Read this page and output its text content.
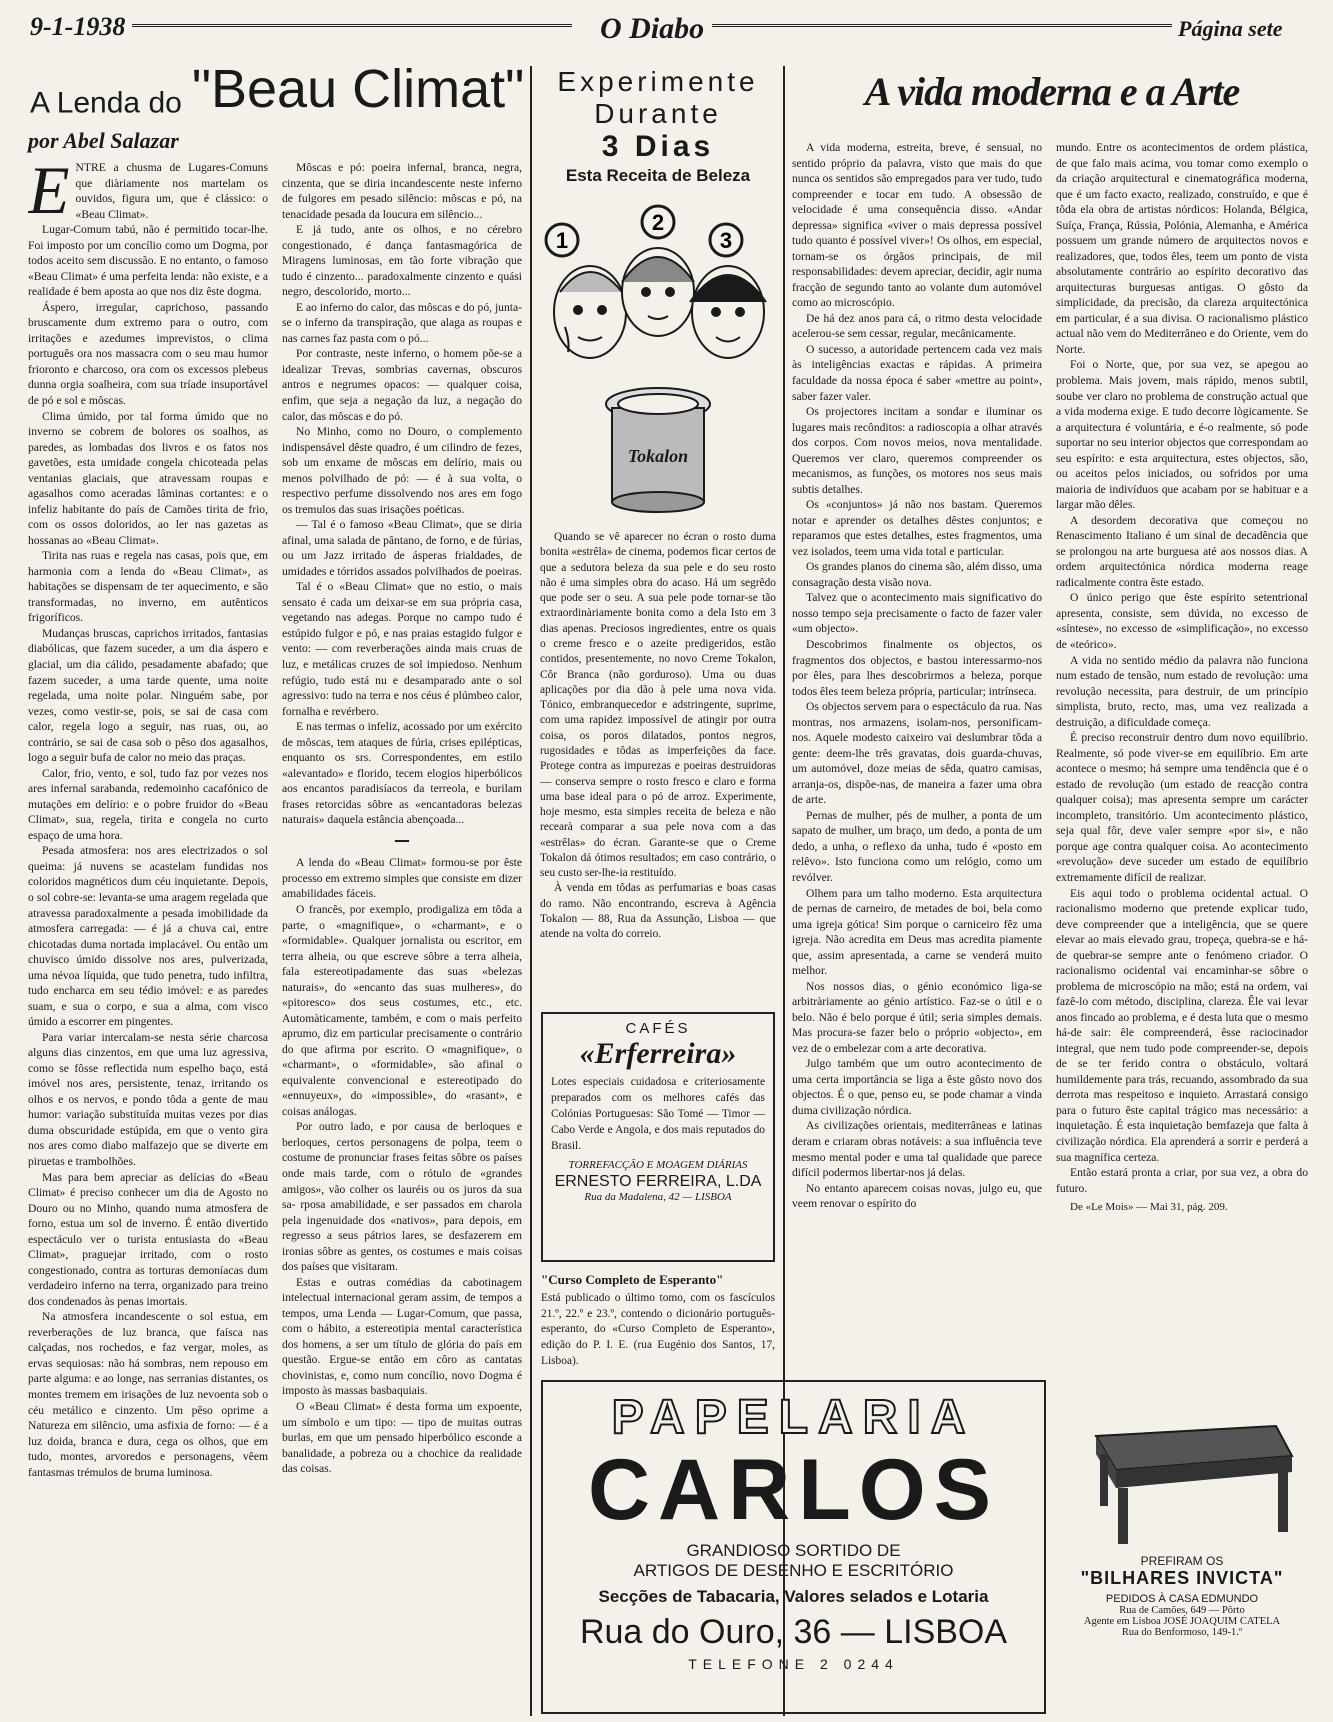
9-1-1938	O Diabo	Página sete
A Lenda do "Beau Climat"
por Abel Salazar
E NTRE a chusma de Lugares-Comuns que diàriamente nos martelam os ouvidos, figura um, que é clássico: o «Beau Climat».

Lugar-Comum tabú, não é permitido tocar-lhe. Foi imposto por um concílio como um Dogma, por todos aceito sem discussão. E no entanto, o famoso «Beau Climat» é uma perfeita lenda: não existe, e a realidade é bem aposta ao que nos diz êste dogma.

Áspero, irregular, caprichoso, passando bruscamente dum extremo para o outro, com irritações e azedumes imprevistos, o clima português ora nos massacra com o seu mau humor frioronto e charcoso, ora com os excessos plebeus dunna orgia soalheira, com sua tríade insuportável de pó e sol e môscas.

Clima úmido, por tal forma úmido que no inverno se cobrem de bolores os soalhos, as paredes, as lombadas dos livros e os fatos nos gavetões, esta umidade congela chicoteada pelas ventanias glaciais, que atravessam roupas e agasalhos como aceradas lâminas cortantes: e o infeliz habitante do país de Camões tirita de frio, com os ossos doloridos, ao ler nas gazetas as hossanas ao «Beau Climat».

Tirita nas ruas e regela nas casas, pois que, em harmonia com a lenda do «Beau Climat», as habitações se dispensam de ter aquecimento, e são transformadas, no inverno, em autênticos frigoríficos.

Mudanças bruscas, caprichos irritados, fantasias diabólicas, que fazem suceder, a um dia áspero e glacial, um dia cálido, pesadamente abafado; que fazem suceder, a uma tarde quente, uma noite regelada, uma noite polar. Ninguém sabe, por vezes, como vestir-se, pois, se sai de casa com calor, regela logo a seguir, nas ruas, ou, ao contrário, se sai de casa sob o pêso dos agasalhos, logo a seguir bufa de calor no meio das praças.

Calor, frio, vento, e sol, tudo faz por vezes nos ares infernal sarabanda, redemoinho cacafónico de mutações em delírio: e o pobre fruidor do «Beau Climat», sua, regela, tirita e congela no curto espaço de uma hora.

Pesada atmosfera: nos ares electrizados o sol queima: já nuvens se acastelam fundidas nos coloridos magnéticos dum céu inquietante. Depois, o sol cobre-se: levanta-se uma aragem regelada que atravessa paradoxalmente a pesada imobilidade da atmosfera carregada: — é já a chuva cai, entre chicotadas duma nortada implacável. Ou então um chuvisco úmido dissolve nos ares, pulverizada, uma névoa líquida, que tudo penetra, tudo infiltra, tudo encharca em seu tédio imóvel: e as paredes suam, e sua o corpo, e sua a alma, com visco úmido a escorrer em pingentes.

Para variar intercalam-se nesta série charcosa alguns dias cinzentos, em que uma luz agressiva, como se fôsse reflectida num espelho baço, está imóvel nos ares, persistente, tenaz, irritando os olhos e os nervos, e pondo tôda a gente de mau humor: variação substituída muitas vezes por dias duma obscuridade estúpida, em que o vento gira nos ares como diabo malfazejo que se diverte em piruetas e trambolhões.

Mas para bem apreciar as delícias do «Beau Climat» é preciso conhecer um dia de Agosto no Douro ou no Minho, quando numa atmosfera de forno, estua um sol de inverno. É então divertido espectáculo ver o turista entusiasta do «Beau Climat», praguejar irritado, com o rosto congestionado, contra as torturas demoníacas dum verdadeiro inferno na terra, organizado para treino dos condenados às penas imortais.

Na atmosfera incandescente o sol estua, em reverberações de luz branca, que faísca nas calçadas, nos rochedos, e faz vergar, moles, as ervas sequiosas: não há sombras, nem repouso em parte alguma: e ao longe, nas serranias distantes, os montes tremem em irisações de luz nevoenta sob o céu metálico e cinzento. Um pêso oprime a Natureza em silêncio, uma asfixia de forno: — é a luz doida, branca e dura, cega os olhos, que em tudo, montes, arvoredos e personagens, vêem fantasmas trémulos de bruma luminosa.

Môscas e pó: poeira infernal, branca, negra, cinzenta, que se diria incandescente neste inferno de fulgores em pesado silêncio: môscas e pó, na tenacidade pesada da loucura em silêncio...

E já tudo, ante os olhos, e no cérebro congestionado, é dança fantasmagórica de Miragens luminosas, em tão forte vibração que tudo é cinzento... paradoxalmente cinzento e quási negro, descolorido, morto...

E ao inferno do calor, das môscas e do pó, junta-se o inferno da transpiração, que alaga as roupas e nas carnes faz pasta com o pó...

Por contraste, neste inferno, o homem põe-se a idealizar Trevas, sombrias cavernas, obscuros antros e negrumes opacos: — qualquer coisa, enfim, que seja a negação da luz, a negação do calor, das môscas e do pó.

No Minho, como no Douro, o complemento indispensável dêste quadro, é um cilindro de fezes, sob um enxame de môscas em delírio, mais ou menos polvilhado de pó: — é à sua volta, o respectivo perfume dissolvendo nos ares em fogo os tremulos das suas irisações poéticas.

— Tal é o famoso «Beau Climat», que se diria afinal, uma salada de pântano, de forno, e de fúrias, ou um Jazz irritado de ásperas frialdades, de umidades e tórridos assados polvilhados de poeiras.

Tal é o «Beau Climat» que no estio, o mais sensato é cada um deixar-se em sua própria casa, vegetando nas adegas. Porque no campo tudo é estúpido fulgor e pó, e nas praias estagido fulgor e vento: — com reverberações ainda mais cruas de luz, e metálicas cruzes de sol impiedoso. Nenhum refúgio, tudo está nu e desamparado ante o sol agressivo: tudo na terra e nos céus é plúmbeo calor, fornalha e revérbero.

E nas termas o infeliz, acossado por um exército de môscas, tem ataques de fúria, crises epilépticas, enquanto os srs. Correspondentes, em estilo «alevantado» e florido, tecem elogios hiperbólicos aos encantos paradisíacos da terreola, e burilam frases retorcidas sôbre as «encantadoras belezas naturais» daquela estância abençoada...

━━

A lenda do «Beau Climat» formou-se por êste processo em extremo simples que consiste em dizer amabilidades fáceis.

O francês, por exemplo, prodigaliza em tôda a parte, o «magnifique», o «charmant», e o «formidable». Qualquer jornalista ou escritor, em terra alheia, ou que escreve sôbre a terra alheia, fala estereotipadamente das suas «belezas naturais», do «encanto das suas mulheres», do «pitoresco» dos seus costumes, etc., etc. Automàticamente, também, e com o mais perfeito aprumo, diz em particular precisamente o contrário do que afirma por escrito. O «magnifique», o «charmant», o «formidable», são afinal o equivalente convencional e estereotipado do «ennuyeux», do «impossible», do «rasant», e coisas análogas.

Por outro lado, e por causa de berloques e berloques, certos personagens de polpa, teem o costume de pronunciar frases feitas sôbre os países onde mais tarde, com o rótulo de «grandes amigos», vão colher os lauréis ou os juros da sua sa- rposa amabilidade, e ser passados em charola pela ingenuidade dos «nativos», para depois, em regresso a seus pátrios lares, se desfazerem em ironias sôbre as gentes, os costumes e mais coisas dos países que visitaram.

Estas e outras comédias da cabotinagem intelectual internacional geram assim, de tempos a tempos, uma Lenda — Lugar-Comum, que passa, com o hábito, a estereotipia mental característica dos homens, a ser um título de glória do país em questão. Ergue-se então em côro as cantatas chovinistas, e, como num concílio, novo Dogma é imposto às massas basbaquiais.

O «Beau Climat» é desta forma um expoente, um símbolo e um tipo: — tipo de muitas outras burlas, em que um pensado hiperbólico esconde a banalidade, a pobreza ou a chochice da realidade das coisas.

Experimente
Durante
3 Dias
Esta Receita de Beleza
1
2
3
Tokalon

Quando se vê aparecer no écran o rosto duma bonita «estrêla» de cinema, podemos ficar certos de que a sedutora beleza da sua pele e do seu rosto não é uma simples obra do acaso. Há um segrêdo que pode ser o seu. A sua pele pode tornar-se tão extraordinàriamente bonita como a dela Isto em 3 dias apenas. Preciosos ingredientes, entre os quais o creme fresco e o azeite predigeridos, estão contidos, presentemente, no novo Creme Tokalon, Côr Branca (não gorduroso). Uma ou duas aplicações por dia dão à pele uma nova vida. Tónico, embranquecedor e adstringente, suprime, com uma rapidez impossível de atingir por outra coisa, os poros dilatados, pontos negros, rugosidades e tôdas as imperfeições da face. Protege contra as impurezas e poeiras destruidoras — conserva sempre o rosto fresco e claro e forma uma base ideal para o pó de arroz. Experimente, hoje mesmo, esta simples receita de beleza e não recearà comparar a sua pele nova com a das «estrêlas» do écran. Garante-se que o Creme Tokalon dá ótimos resultados; em caso contrário, o seu custo ser-lhe-ia restituído.

À venda em tôdas as perfumarias e boas casas do ramo. Não encontrando, escreva à Agência Tokalon — 88, Rua da Assunção, Lisboa — que atende na volta do correio.

CAFÉS
«Erferreira»
Lotes especiais cuidadosa e criteriosamente preparados com os melhores cafés das Colónias Portuguesas: São Tomé — Timor — Cabo Verde e Angola, e dos mais reputados do Brasil.
TORREFACÇÃO E MOAGEM DIÁRIAS
ERNESTO FERREIRA, L.DA
Rua da Madalena, 42 — LISBOA
"Curso Completo de Esperanto"
Está publicado o último tomo, com os fascículos 21.º, 22.º e 23.º, contendo o dicionário português-esperanto, do «Curso Completo de Esperanto», edição do P. I. E. (rua Eugénio dos Santos, 17, Lisboa).
A vida moderna e a Arte

A vida moderna, estreita, breve, é sensual, no sentido próprio da palavra, visto que mais do que nunca os sentidos são empregados para ver tudo, tudo compreender e tocar em tudo. A obsessão de velocidade é uma consequência disso. «Andar depressa» significa «viver o mais depressa possível tudo quanto é possível viver»! Os olhos, em especial, tornam-se os órgãos principais, de mil responsabilidades: devem apreciar, decidir, agir numa fracção de segundo tanto ao volante dum automóvel como ao microscópio.

De há dez anos para cá, o ritmo desta velocidade acelerou-se sem cessar, regular, mecânicamente.

O sucesso, a autoridade pertencem cada vez mais às inteligências exactas e rápidas. A primeira faculdade da nossa época é saber «mettre au point», saber fazer valer.

Os projectores incitam a sondar e iluminar os lugares mais recônditos: a radioscopia a olhar através dos corpos. Com novos meios, nova mentalidade. Queremos ver claro, queremos compreender os mecanismos, as funções, os motores nos seus mais subtis detalhes.

Os «conjuntos» já não nos bastam. Queremos notar e aprender os detalhes dêstes conjuntos; e reparamos que estes detalhes, estes fragmentos, uma vez isolados, teem uma vida total e particular.

Os grandes planos do cinema são, além disso, uma consagração desta visão nova.

Talvez que o acontecimento mais significativo do nosso tempo seja precisamente o facto de fazer valer «um objecto».

Descobrimos finalmente os objectos, os fragmentos dos objectos, e bastou interessarmo-nos por êles, para lhes descobrirmos a beleza, porque todos êles teem beleza própria, particular; intrínseca.

Os objectos servem para o espectáculo da rua. Nas montras, nos armazens, isolam-nos, personificam-nos. Aquele modesto caixeiro vai deslumbrar tôda a gente: deem-lhe três gravatas, dois guarda-chuvas, um automóvel, doze meias de sêda, quatro camisas, arranja-os, dispõe-nas, de maneira a fazer uma obra de arte.

Pernas de mulher, pés de mulher, a ponta de um sapato de mulher, um braço, um dedo, a ponta de um dedo, a unha, o reflexo da unha, tudo é «posto em relêvo». Isto funciona como um relógio, como um revólver.

Olhem para um talho moderno. Esta arquitectura de pernas de carneiro, de metades de boi, bela como uma igreja gótica! Sim porque o carniceiro fêz uma igreja. Não acredita em Deus mas acredita piamente que, assim apresentada, a carne se venderá muito melhor.

Nos nossos dias, o génio económico liga-se arbitràriamente ao génio artístico. Faz-se o útil e o belo. Não é belo porque é útil; seria simples demais. Mas procura-se fazer belo o próprio «objecto», em vez de o embelezar com a arte decorativa.

Julgo também que um outro acontecimento de uma certa importância se liga a êste gôsto novo dos objectos. É o que, penso eu, se pode chamar a vinda duma civilização nórdica.

As civilizações orientais, mediterrâneas e latinas deram e criaram obras notáveis: a sua influência teve mesmo mental poder e uma tal qualidade que parece difícil podermos libertar-nos já delas.

No entanto aparecem coisas novas, julgo eu, que veem renovar o espírito do

mundo. Entre os acontecimentos de ordem plástica, de que falo mais acima, vou tomar como exemplo o da criação arquitectural e cinematográfica moderna, que é um facto exacto, realizado, construído, e que é tôda ela obra de artistas nórdicos: Holanda, Bélgica, Suíça, França, Rússia, Polónia, Alemanha, e América possuem um grande número de arquitectos novos e realizadores, que, todos êles, teem um ponto de vista absolutamente contrário ao espírito decorativo das arquitecturas burguesas antigas. O gôsto da simplicidade, da precisão, da clareza arquitectónica em particular, é a sua divisa. O racionalismo plástico actual não vem do Mediterrâneo e do Oriente, vem do Norte.

Foi o Norte, que, por sua vez, se apegou ao problema. Mais jovem, mais rápido, menos subtil, soube ver claro no problema de construção actual que a vida moderna exige. E tudo decorre lògicamente. Se a arquitectura é voluntária, e é-o realmente, só pode suportar no seu interior objectos que correspondam ao seu espírito: e esta arquitectura, estes objectos, são, ou aceitos pelos iniciados, ou sofridos por uma maioria de indivíduos que acabam por se habituar e a largar mão dêles.

A desordem decorativa que começou no Renascimento Italiano é um sinal de decadência que se prolongou na arte burguesa até aos nossos dias. A ordem arquitectónica nórdica moderna reage radicalmente contra êste estado.

O único perigo que êste espírito setentrional apresenta, consiste, sem dúvida, no excesso de «síntese», no excesso de «simplificação», no excesso de «teórico».

A vida no sentido médio da palavra não funciona num estado de tensão, num estado de revolução: uma revolução necessita, para destruir, de um princípio simplista, bruto, recto, mas, uma vez realizada a destruição, a dificuldade começa.

É preciso reconstruir dentro dum novo equilíbrio. Realmente, só pode viver-se em equilíbrio. Em arte acontece o mesmo; há sempre uma tendência que é o estado de revolução (um estado de reacção contra qualquer coisa); mas apresenta sempre um carácter incompleto, transitório. Um acontecimento plástico, seja qual fôr, deve valer sempre «por si», e não porque age contra qualquer coisa. Ao acontecimento «revolução» deve suceder um estado de equilíbrio extremamente difícil de realizar.

Eis aqui todo o problema ocidental actual. O racionalismo moderno que pretende explicar tudo, deve compreender que a inteligência, que se quere elevar ao mais elevado grau, tropeça, quebra-se e há-de quebrar-se sempre ante o fenómeno criador. O racionalismo ocidental vai encaminhar-se sôbre o problema de microscópio na mão; está na ordem, vai fazê-lo com método, disciplina, clareza. Êle vai levar anos fincado ao problema, e é desta luta que o mesmo há-de sair: êle compreenderá, êsse raciocinador integral, que nem tudo pode compreender-se, depois de se ter ferido contra o obstáculo, voltará humildemente para trás, recuando, assombrado da sua derrota mas respeitoso e inquieto. Arrastará consigo para o futuro êste capital trágico mas necessário: a inquietação. É esta inquietação bemfazeja que falta à civilização nórdica. Ela aprenderá a sorrir e perderá a sua magnífica certeza.

Então estará pronta a criar, por sua vez, a obra do futuro.

De «Le Mois» — Mai 31, pág. 209.
PAPELARIA
CARLOS
GRANDIOSO SORTIDO DE
ARTIGOS DE DESENHO E ESCRITÓRIO
Secções de Tabacaria, Valores selados e Lotaria
Rua do Ouro, 36 — LISBOA
TELEFONE 2 0244
PREFIRAM OS
"BILHARES INVICTA"
PEDIDOS À CASA EDMUNDO
Rua de Camões, 649 — Pôrto
Agente em Lisboa JOSÉ JOAQUIM CATELA
Rua do Benformoso, 149-1.º
